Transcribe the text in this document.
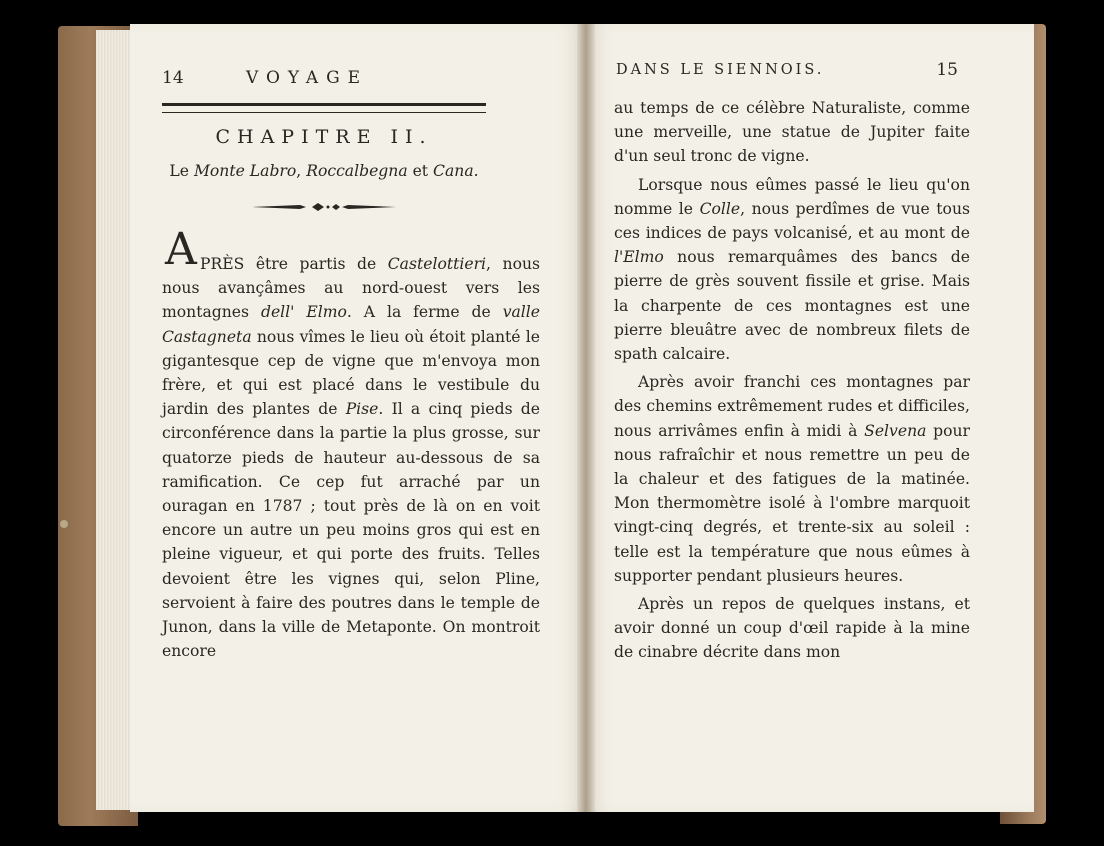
14	VOYAGE
CHAPITRE II.
Le Monte Labro, Roccalbegna et Cana.
A PRÈS être partis de Castelottieri, nous nous avançâmes au nord-ouest vers les montagnes dell' Elmo. A la ferme de valle Castagneta nous vîmes le lieu où étoit planté le gigantesque cep de vigne que m'envoya mon frère, et qui est placé dans le vestibule du jardin des plantes de Pise. Il a cinq pieds de circonférence dans la partie la plus grosse, sur quatorze pieds de hauteur au-dessous de sa ramification. Ce cep fut arraché par un ouragan en 1787 ; tout près de là on en voit encore un autre un peu moins gros qui est en pleine vigueur, et qui porte des fruits. Telles devoient être les vignes qui, selon Pline, servoient à faire des poutres dans le temple de Junon, dans la ville de Metaponte. On montroit encore

DANS LE SIENNOIS.	15

au temps de ce célèbre Naturaliste, comme une merveille, une statue de Jupiter faite d'un seul tronc de vigne.

Lorsque nous eûmes passé le lieu qu'on nomme le Colle, nous perdîmes de vue tous ces indices de pays volcanisé, et au mont de l'Elmo nous remarquâmes des bancs de pierre de grès souvent fissile et grise. Mais la charpente de ces montagnes est une pierre bleuâtre avec de nombreux filets de spath calcaire.

Après avoir franchi ces montagnes par des chemins extrêmement rudes et difficiles, nous arrivâmes enfin à midi à Selvena pour nous rafraîchir et nous remettre un peu de la chaleur et des fatigues de la matinée. Mon thermomètre isolé à l'ombre marquoit vingt-cinq degrés, et trente-six au soleil : telle est la température que nous eûmes à supporter pendant plusieurs heures.

Après un repos de quelques instans, et avoir donné un coup d'œil rapide à la mine de cinabre décrite dans mon
